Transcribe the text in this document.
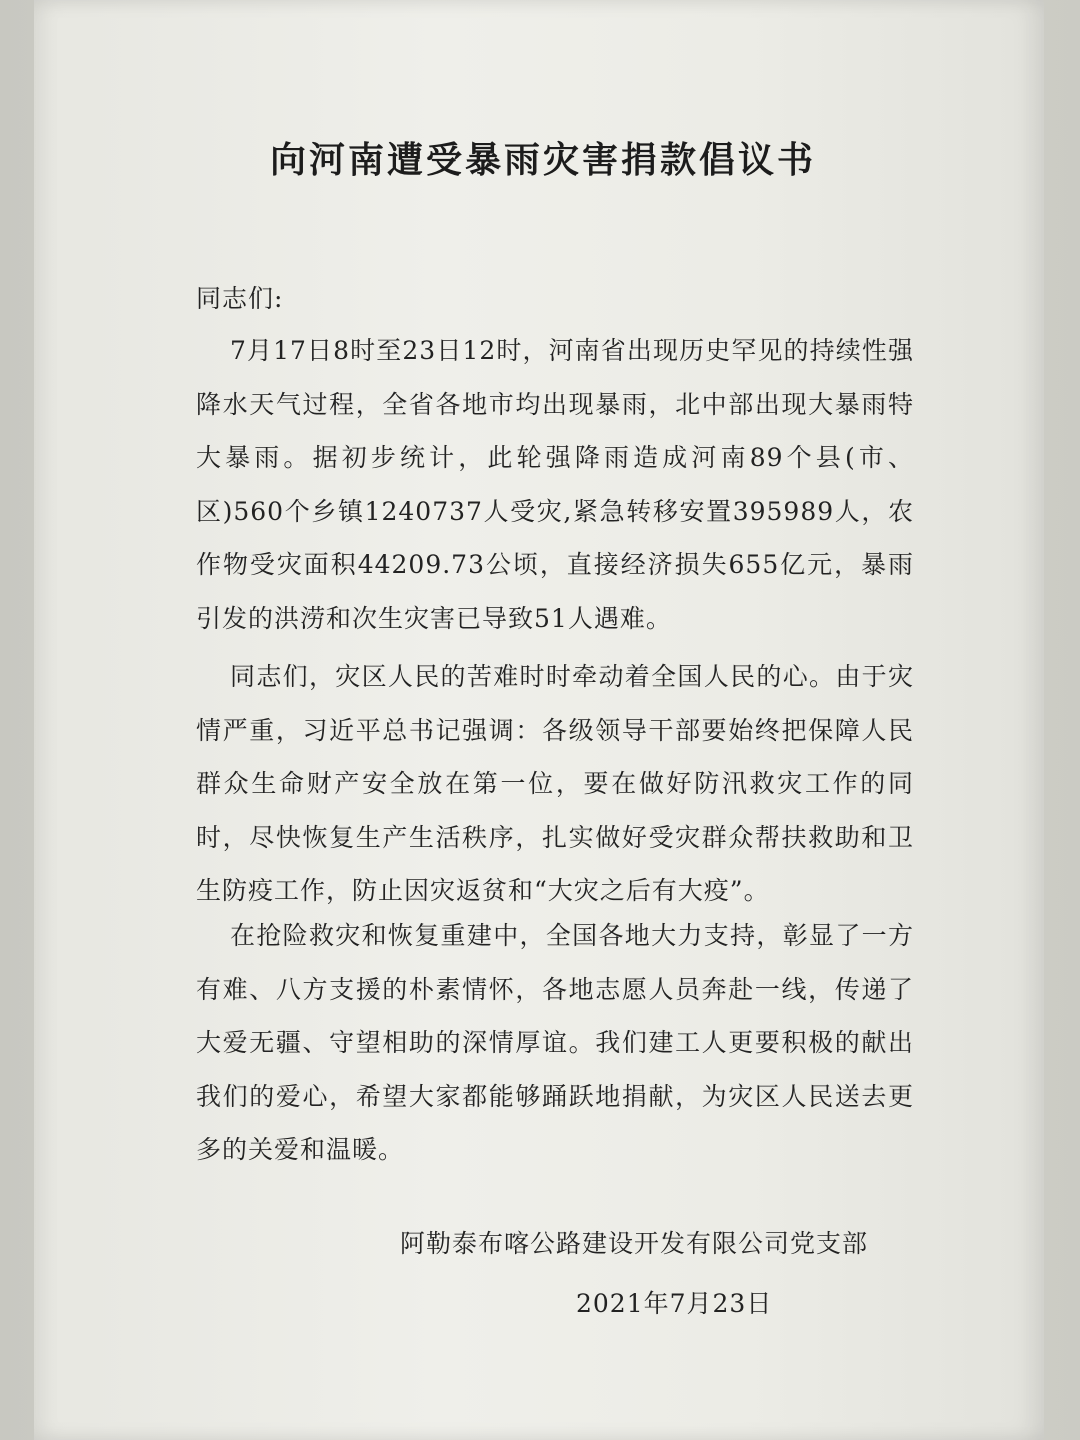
向河南遭受暴雨灾害捐款倡议书
同志们:
7月17日8时至23日12时，河南省出现历史罕见的持续性强降水天气过程，全省各地市均出现暴雨，北中部出现大暴雨特大暴雨。据初步统计，此轮强降雨造成河南89个县(市、区)560个乡镇1240737人受灾,紧急转移安置395989人，农作物受灾面积44209.73公顷，直接经济损失655亿元，暴雨引发的洪涝和次生灾害已导致51人遇难。
同志们，灾区人民的苦难时时牵动着全国人民的心。由于灾情严重，习近平总书记强调：各级领导干部要始终把保障人民群众生命财产安全放在第一位，要在做好防汛救灾工作的同时，尽快恢复生产生活秩序，扎实做好受灾群众帮扶救助和卫生防疫工作，防止因灾返贫和“大灾之后有大疫”。
在抢险救灾和恢复重建中，全国各地大力支持，彰显了一方有难、八方支援的朴素情怀，各地志愿人员奔赴一线，传递了大爱无疆、守望相助的深情厚谊。我们建工人更要积极的献出我们的爱心，希望大家都能够踊跃地捐献，为灾区人民送去更多的关爱和温暖。
阿勒泰布喀公路建设开发有限公司党支部
2021年7月23日
